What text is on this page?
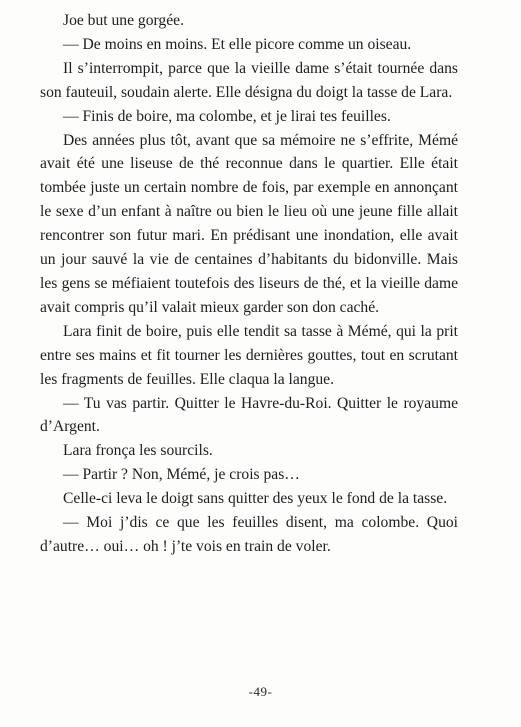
Joe but une gorgée.

— De moins en moins. Et elle picore comme un oiseau.

Il s’interrompit, parce que la vieille dame s’était tournée dans son fauteuil, soudain alerte. Elle désigna du doigt la tasse de Lara.

— Finis de boire, ma colombe, et je lirai tes feuilles.

Des années plus tôt, avant que sa mémoire ne s’effrite, Mémé avait été une liseuse de thé reconnue dans le quartier. Elle était tombée juste un certain nombre de fois, par exemple en annonçant le sexe d’un enfant à naître ou bien le lieu où une jeune fille allait rencontrer son futur mari. En prédisant une inondation, elle avait un jour sauvé la vie de centaines d’habitants du bidonville. Mais les gens se méfiaient toutefois des liseurs de thé, et la vieille dame avait compris qu’il valait mieux garder son don caché.

Lara finit de boire, puis elle tendit sa tasse à Mémé, qui la prit entre ses mains et fit tourner les dernières gouttes, tout en scrutant les fragments de feuilles. Elle claqua la langue.

— Tu vas partir. Quitter le Havre-du-Roi. Quitter le royaume d’Argent.

Lara fronça les sourcils.

— Partir ? Non, Mémé, je crois pas…

Celle-ci leva le doigt sans quitter des yeux le fond de la tasse.

— Moi j’dis ce que les feuilles disent, ma colombe. Quoi d’autre… oui… oh ! j’te vois en train de voler.

-49-
